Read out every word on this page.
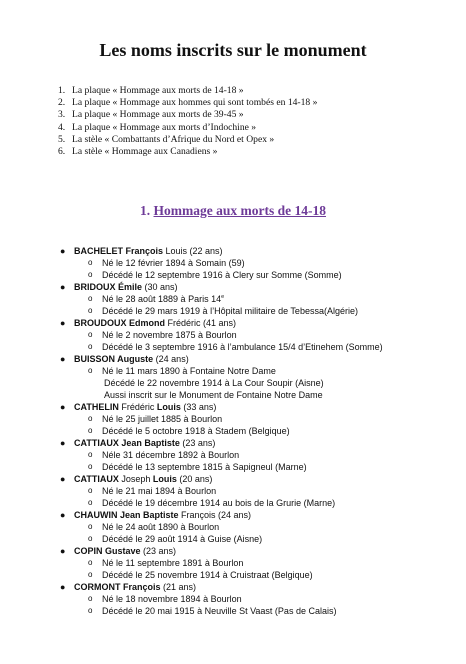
Les noms inscrits sur le monument
1. La plaque « Hommage aux morts de 14-18 »
2. La plaque « Hommage aux hommes qui sont tombés en 14-18 »
3. La plaque « Hommage aux morts de 39-45 »
4. La plaque « Hommage aux morts d’Indochine »
5. La stèle « Combattants d’Afrique du Nord et Opex »
6. La stèle « Hommage aux Canadiens »
1. Hommage aux morts de 14-18
● BACHELET François Louis (22 ans)
o Né le 12 février 1894 à Somain (59)
o Décédé le 12 septembre 1916 à Clery sur Somme (Somme)
● BRIDOUX Émile (30 ans)
o Né le 28 août 1889 à Paris 14e
o Décédé le 29 mars 1919 à l’Hôpital militaire de Tebessa(Algérie)
● BROUDOUX Edmond Frédéric (41 ans)
o Né le 2 novembre 1875 à Bourlon
o Décédé le 3 septembre 1916 à l’ambulance 15/4 d’Etinehem (Somme)
● BUISSON Auguste (24 ans)
o Né le 11 mars 1890 à Fontaine Notre Dame
Décédé le 22 novembre 1914 à La Cour Soupir (Aisne)
Aussi inscrit sur le Monument de Fontaine Notre Dame
● CATHELIN Frédéric Louis (33 ans)
o Né le 25 juillet 1885 à Bourlon
o Décédé le 5 octobre 1918 à Stadem (Belgique)
● CATTIAUX Jean Baptiste (23 ans)
o Néle 31 décembre 1892 à Bourlon
o Décédé le 13 septembre 1815 à Sapigneul (Marne)
● CATTIAUX Joseph Louis (20 ans)
o Né le 21 mai 1894 à Bourlon
o Décédé le 19 décembre 1914 au bois de la Grurie (Marne)
● CHAUWIN Jean Baptiste François (24 ans)
o Né le 24 août 1890 à Bourlon
o Décédé le 29 août 1914 à Guise (Aisne)
● COPIN Gustave (23 ans)
o Né le 11 septembre 1891 à Bourlon
o Décédé le 25 novembre 1914 à Cruistraat (Belgique)
● CORMONT François (21 ans)
o Né le 18 novembre 1894 à Bourlon
o Décédé le 20 mai 1915 à Neuville St Vaast (Pas de Calais)
